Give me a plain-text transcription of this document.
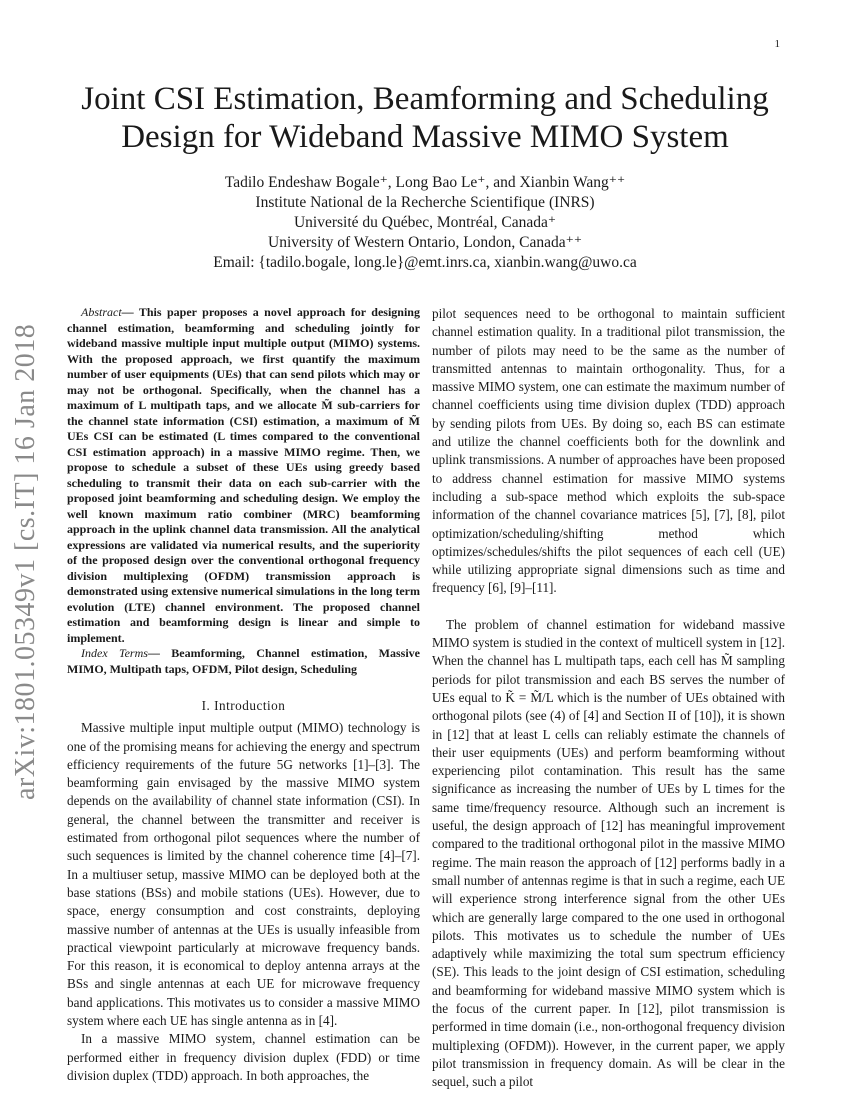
1
arXiv:1801.05349v1 [cs.IT] 16 Jan 2018
Joint CSI Estimation, Beamforming and Scheduling Design for Wideband Massive MIMO System
Tadilo Endeshaw Bogale⁺, Long Bao Le⁺, and Xianbin Wang⁺⁺
Institute National de la Recherche Scientifique (INRS)
Université du Québec, Montréal, Canada⁺
University of Western Ontario, London, Canada⁺⁺
Email: {tadilo.bogale, long.le}@emt.inrs.ca, xianbin.wang@uwo.ca

Abstract— This paper proposes a novel approach for designing channel estimation, beamforming and scheduling jointly for wideband massive multiple input multiple output (MIMO) systems. With the proposed approach, we first quantify the maximum number of user equipments (UEs) that can send pilots which may or may not be orthogonal. Specifically, when the channel has a maximum of L multipath taps, and we allocate M̃ sub-carriers for the channel state information (CSI) estimation, a maximum of M̃ UEs CSI can be estimated (L times compared to the conventional CSI estimation approach) in a massive MIMO regime. Then, we propose to schedule a subset of these UEs using greedy based scheduling to transmit their data on each sub-carrier with the proposed joint beamforming and scheduling design. We employ the well known maximum ratio combiner (MRC) beamforming approach in the uplink channel data transmission. All the analytical expressions are validated via numerical results, and the superiority of the proposed design over the conventional orthogonal frequency division multiplexing (OFDM) transmission approach is demonstrated using extensive numerical simulations in the long term evolution (LTE) channel environment. The proposed channel estimation and beamforming design is linear and simple to implement.

Index Terms— Beamforming, Channel estimation, Massive MIMO, Multipath taps, OFDM, Pilot design, Scheduling

I. Introduction

Massive multiple input multiple output (MIMO) technology is one of the promising means for achieving the energy and spectrum efficiency requirements of the future 5G networks [1]–[3]. The beamforming gain envisaged by the massive MIMO system depends on the availability of channel state information (CSI). In general, the channel between the transmitter and receiver is estimated from orthogonal pilot sequences where the number of such sequences is limited by the channel coherence time [4]–[7]. In a multiuser setup, massive MIMO can be deployed both at the base stations (BSs) and mobile stations (UEs). However, due to space, energy consumption and cost constraints, deploying massive number of antennas at the UEs is usually infeasible from practical viewpoint particularly at microwave frequency bands. For this reason, it is economical to deploy antenna arrays at the BSs and single antennas at each UE for microwave frequency band applications. This motivates us to consider a massive MIMO system where each UE has single antenna as in [4].

In a massive MIMO system, channel estimation can be performed either in frequency division duplex (FDD) or time division duplex (TDD) approach. In both approaches, the

pilot sequences need to be orthogonal to maintain sufficient channel estimation quality. In a traditional pilot transmission, the number of pilots may need to be the same as the number of transmitted antennas to maintain orthogonality. Thus, for a massive MIMO system, one can estimate the maximum number of channel coefficients using time division duplex (TDD) approach by sending pilots from UEs. By doing so, each BS can estimate and utilize the channel coefficients both for the downlink and uplink transmissions. A number of approaches have been proposed to address channel estimation for massive MIMO systems including a sub-space method which exploits the sub-space information of the channel covariance matrices [5], [7], [8], pilot optimization/scheduling/shifting method which optimizes/schedules/shifts the pilot sequences of each cell (UE) while utilizing appropriate signal dimensions such as time and frequency [6], [9]–[11].

The problem of channel estimation for wideband massive MIMO system is studied in the context of multicell system in [12]. When the channel has L multipath taps, each cell has M̃ sampling periods for pilot transmission and each BS serves the number of UEs equal to K̃ = M̃/L which is the number of UEs obtained with orthogonal pilots (see (4) of [4] and Section II of [10]), it is shown in [12] that at least L cells can reliably estimate the channels of their user equipments (UEs) and perform beamforming without experiencing pilot contamination. This result has the same significance as increasing the number of UEs by L times for the same time/frequency resource. Although such an increment is useful, the design approach of [12] has meaningful improvement compared to the traditional orthogonal pilot in the massive MIMO regime. The main reason the approach of [12] performs badly in a small number of antennas regime is that in such a regime, each UE will experience strong interference signal from the other UEs which are generally large compared to the one used in orthogonal pilots. This motivates us to schedule the number of UEs adaptively while maximizing the total sum spectrum efficiency (SE). This leads to the joint design of CSI estimation, scheduling and beamforming for wideband massive MIMO system which is the focus of the current paper. In [12], pilot transmission is performed in time domain (i.e., non-orthogonal frequency division multiplexing (OFDM)). However, in the current paper, we apply pilot transmission in frequency domain. As will be clear in the sequel, such a pilot
